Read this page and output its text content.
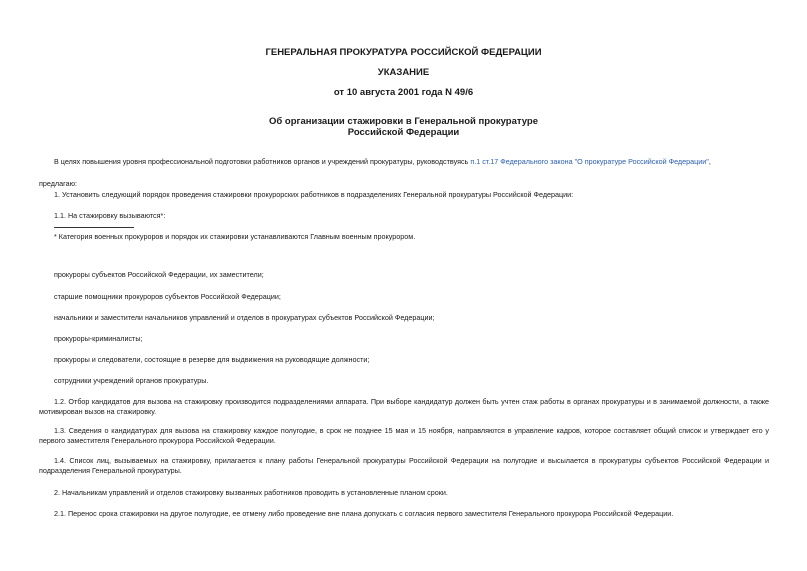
ГЕНЕРАЛЬНАЯ ПРОКУРАТУРА РОССИЙСКОЙ ФЕДЕРАЦИИ
УКАЗАНИЕ
от 10 августа 2001 года N 49/6
Об организации стажировки в Генеральной прокуратуре
Российской Федерации
В целях повышения уровня профессиональной подготовки работников органов и учреждений прокуратуры, руководствуясь п.1 ст.17 Федерального закона "О прокуратуре Российской Федерации",
предлагаю:
1. Установить следующий порядок проведения стажировки прокурорских работников в подразделениях Генеральной прокуратуры Российской Федерации:
1.1. На стажировку вызываются*:
* Категория военных прокуроров и порядок их стажировки устанавливаются Главным военным прокурором.
прокуроры субъектов Российской Федерации, их заместители;
старшие помощники прокуроров субъектов Российской Федерации;
начальники и заместители начальников управлений и отделов в прокуратурах субъектов Российской Федерации;
прокуроры-криминалисты;
прокуроры и следователи, состоящие в резерве для выдвижения на руководящие должности;
сотрудники учреждений органов прокуратуры.
1.2. Отбор кандидатов для вызова на стажировку производится подразделениями аппарата. При выборе кандидатур должен быть учтен стаж работы в органах прокуратуры и в занимаемой должности, а также мотивирован вызов на стажировку.
1.3. Сведения о кандидатурах для вызова на стажировку каждое полугодие, в срок не позднее 15 мая и 15 ноября, направляются в управление кадров, которое составляет общий список и утверждает его у первого заместителя Генерального прокурора Российской Федерации.
1.4. Список лиц, вызываемых на стажировку, прилагается к плану работы Генеральной прокуратуры Российской Федерации на полугодие и высылается в прокуратуры субъектов Российской Федерации и подразделения Генеральной прокуратуры.
2. Начальникам управлений и отделов стажировку вызванных работников проводить в установленные планом сроки.
2.1. Перенос срока стажировки на другое полугодие, ее отмену либо проведение вне плана допускать с согласия первого заместителя Генерального прокурора Российской Федерации.
